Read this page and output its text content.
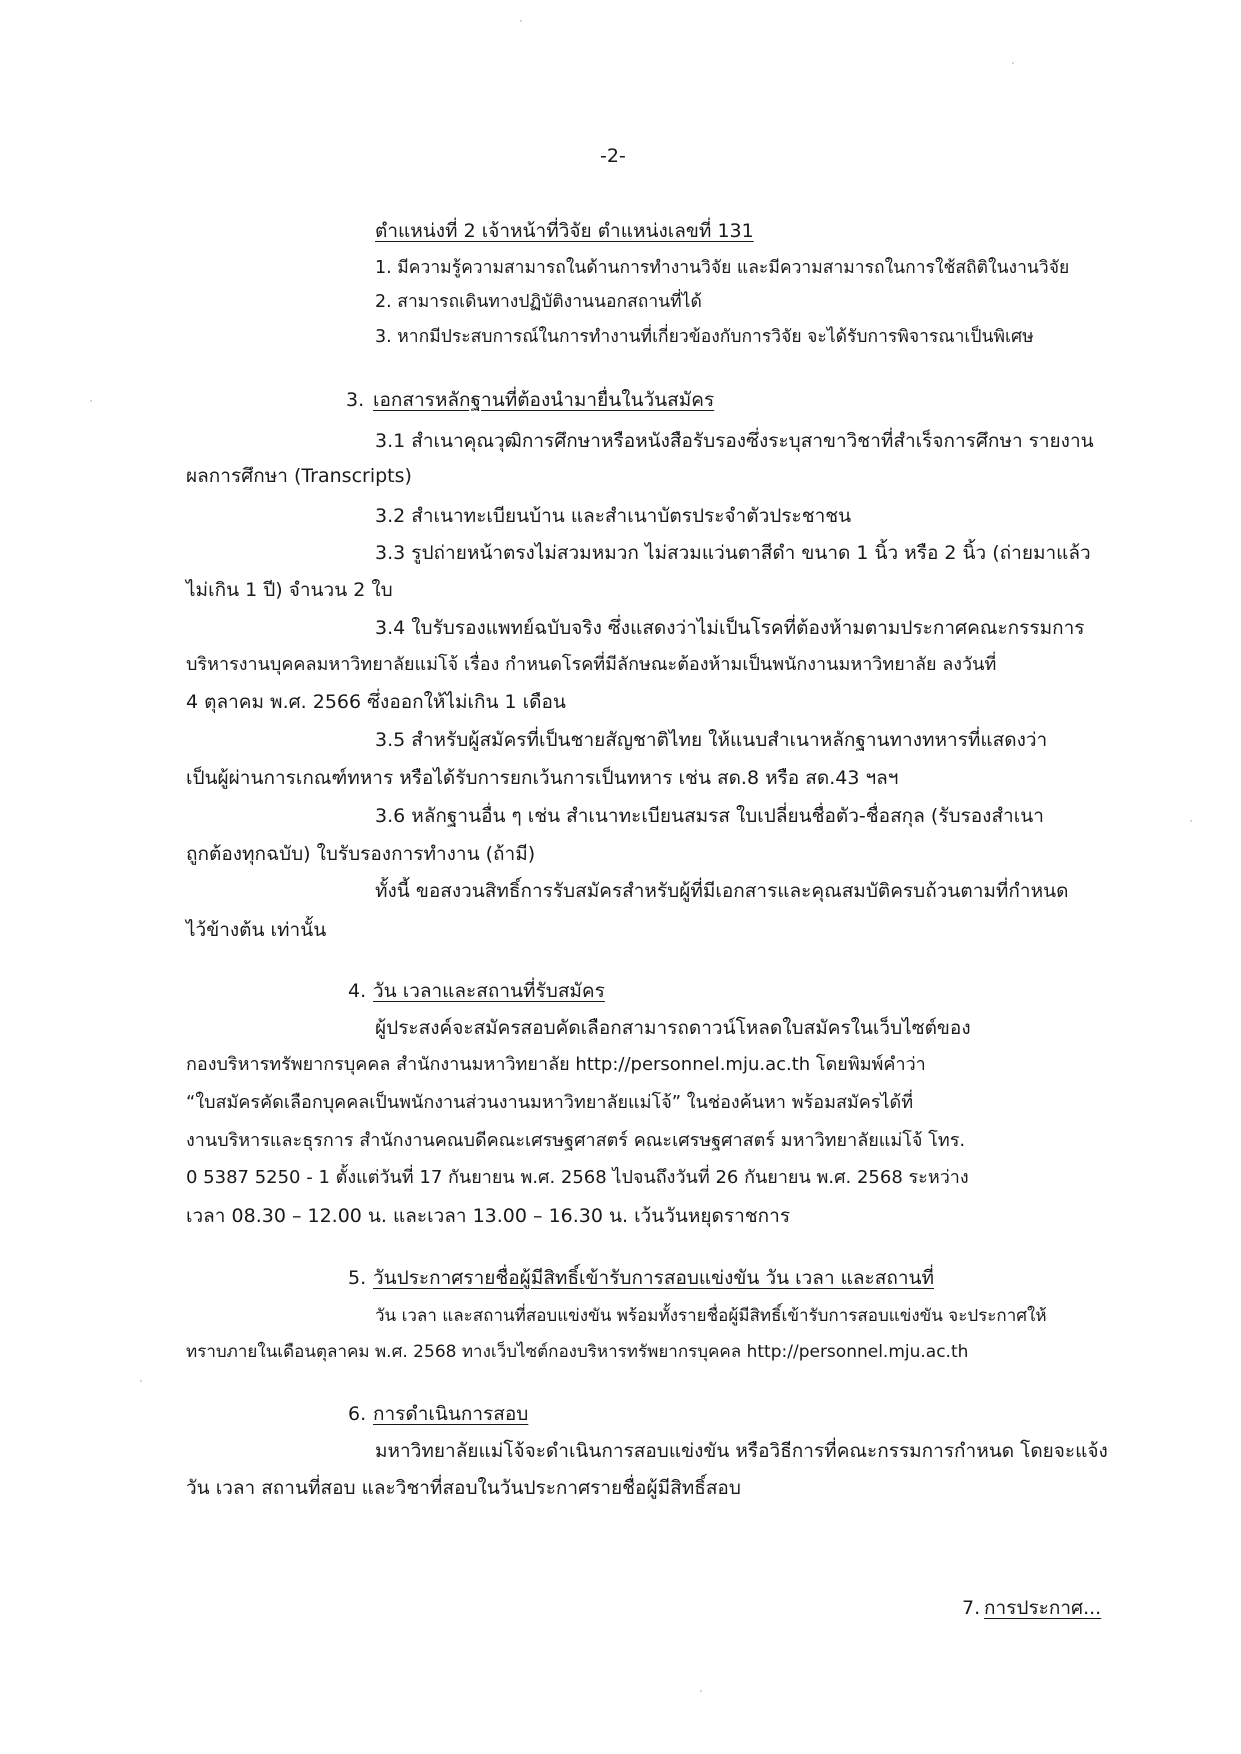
-2-
ตำแหน่งที่ 2 เจ้าหน้าที่วิจัย ตำแหน่งเลขที่ 131
1. มีความรู้ความสามารถในด้านการทำงานวิจัย และมีความสามารถในการใช้สถิติในงานวิจัย
2. สามารถเดินทางปฏิบัติงานนอกสถานที่ได้
3. หากมีประสบการณ์ในการทำงานที่เกี่ยวข้องกับการวิจัย จะได้รับการพิจารณาเป็นพิเศษ
3. เอกสารหลักฐานที่ต้องนำมายื่นในวันสมัคร
3.1 สำเนาคุณวุฒิการศึกษาหรือหนังสือรับรองซึ่งระบุสาขาวิชาที่สำเร็จการศึกษา รายงาน
ผลการศึกษา (Transcripts)
3.2 สำเนาทะเบียนบ้าน และสำเนาบัตรประจำตัวประชาชน
3.3 รูปถ่ายหน้าตรงไม่สวมหมวก ไม่สวมแว่นตาสีดำ ขนาด 1 นิ้ว หรือ 2 นิ้ว (ถ่ายมาแล้ว
ไม่เกิน 1 ปี) จำนวน 2 ใบ
3.4 ใบรับรองแพทย์ฉบับจริง ซึ่งแสดงว่าไม่เป็นโรคที่ต้องห้ามตามประกาศคณะกรรมการ
บริหารงานบุคคลมหาวิทยาลัยแม่โจ้ เรื่อง กำหนดโรคที่มีลักษณะต้องห้ามเป็นพนักงานมหาวิทยาลัย ลงวันที่
4 ตุลาคม พ.ศ. 2566 ซึ่งออกให้ไม่เกิน 1 เดือน
3.5 สำหรับผู้สมัครที่เป็นชายสัญชาติไทย ให้แนบสำเนาหลักฐานทางทหารที่แสดงว่า
เป็นผู้ผ่านการเกณฑ์ทหาร หรือได้รับการยกเว้นการเป็นทหาร เช่น สด.8 หรือ สด.43 ฯลฯ
3.6 หลักฐานอื่น ๆ เช่น สำเนาทะเบียนสมรส ใบเปลี่ยนชื่อตัว-ชื่อสกุล (รับรองสำเนา
ถูกต้องทุกฉบับ) ใบรับรองการทำงาน (ถ้ามี)
ทั้งนี้ ขอสงวนสิทธิ์การรับสมัครสำหรับผู้ที่มีเอกสารและคุณสมบัติครบถ้วนตามที่กำหนด
ไว้ข้างต้น เท่านั้น
4. วัน เวลาและสถานที่รับสมัคร
ผู้ประสงค์จะสมัครสอบคัดเลือกสามารถดาวน์โหลดใบสมัครในเว็บไซต์ของ
กองบริหารทรัพยากรบุคคล สำนักงานมหาวิทยาลัย http://personnel.mju.ac.th โดยพิมพ์คำว่า
“ใบสมัครคัดเลือกบุคคลเป็นพนักงานส่วนงานมหาวิทยาลัยแม่โจ้” ในช่องค้นหา พร้อมสมัครได้ที่
งานบริหารและธุรการ สำนักงานคณบดีคณะเศรษฐศาสตร์ คณะเศรษฐศาสตร์ มหาวิทยาลัยแม่โจ้ โทร.
0 5387 5250 - 1 ตั้งแต่วันที่ 17 กันยายน พ.ศ. 2568 ไปจนถึงวันที่ 26 กันยายน พ.ศ. 2568 ระหว่าง
เวลา 08.30 – 12.00 น. และเวลา 13.00 – 16.30 น. เว้นวันหยุดราชการ
5. วันประกาศรายชื่อผู้มีสิทธิ์เข้ารับการสอบแข่งขัน วัน เวลา และสถานที่
วัน เวลา และสถานที่สอบแข่งขัน พร้อมทั้งรายชื่อผู้มีสิทธิ์เข้ารับการสอบแข่งขัน จะประกาศให้
ทราบภายในเดือนตุลาคม พ.ศ. 2568 ทางเว็บไซต์กองบริหารทรัพยากรบุคคล http://personnel.mju.ac.th
6. การดำเนินการสอบ
มหาวิทยาลัยแม่โจ้จะดำเนินการสอบแข่งขัน หรือวิธีการที่คณะกรรมการกำหนด โดยจะแจ้ง
วัน เวลา สถานที่สอบ และวิชาที่สอบในวันประกาศรายชื่อผู้มีสิทธิ์สอบ
7. การประกาศ...
